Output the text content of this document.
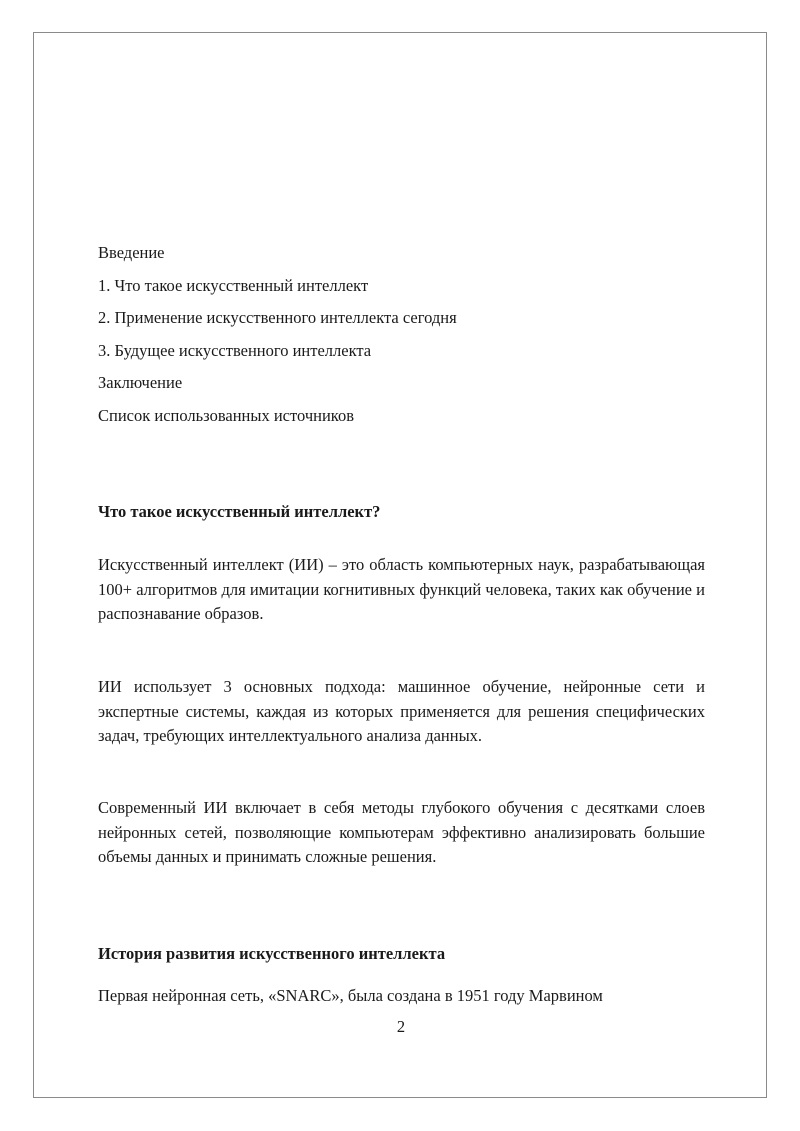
Введение
1. Что такое искусственный интеллект
2. Применение искусственного интеллекта сегодня
3. Будущее искусственного интеллекта
Заключение
Список использованных источников
Что такое искусственный интеллект?
Искусственный интеллект (ИИ) – это область компьютерных наук, разрабатывающая 100+ алгоритмов для имитации когнитивных функций человека, таких как обучение и распознавание образов.
ИИ использует 3 основных подхода: машинное обучение, нейронные сети и экспертные системы, каждая из которых применяется для решения специфических задач, требующих интеллектуального анализа данных.
Современный ИИ включает в себя методы глубокого обучения с десятками слоев нейронных сетей, позволяющие компьютерам эффективно анализировать большие объемы данных и принимать сложные решения.
История развития искусственного интеллекта
Первая нейронная сеть, «SNARC», была создана в 1951 году Марвином
2
